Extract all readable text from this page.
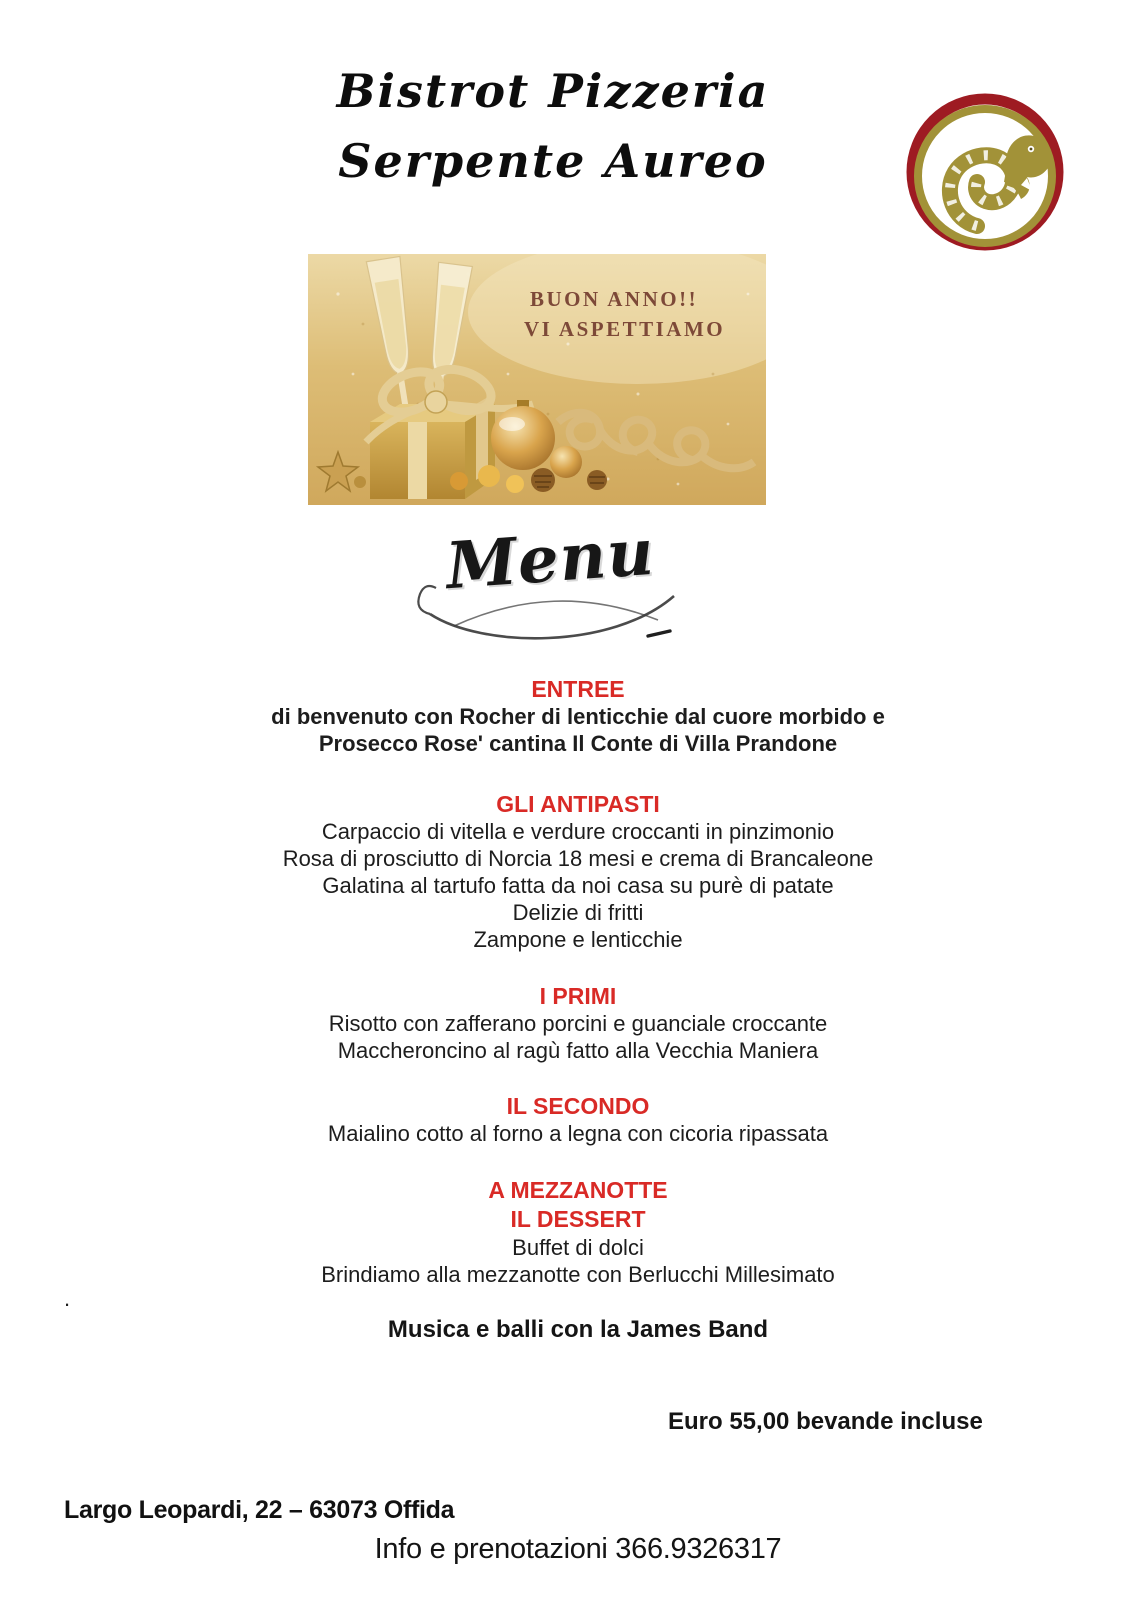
Bistrot Pizzeria
Serpente Aureo
BUON ANNO!!
VI ASPETTIAMO
Menu
ENTREE
di benvenuto con Rocher di lenticchie dal cuore morbido e
Prosecco Rose' cantina Il Conte di Villa Prandone
GLI ANTIPASTI
Carpaccio di vitella e verdure croccanti in pinzimonio
Rosa di prosciutto di Norcia 18 mesi e crema di Brancaleone
Galatina al tartufo fatta da noi casa su purè di patate
Delizie di fritti
Zampone e lenticchie
I PRIMI
Risotto con zafferano porcini e guanciale croccante
Maccheroncino al ragù fatto alla Vecchia Maniera
IL SECONDO
Maialino cotto al forno a legna con cicoria ripassata
A MEZZANOTTE
IL DESSERT
Buffet di dolci
Brindiamo alla mezzanotte con Berlucchi Millesimato
.
Musica e balli con la James Band
Euro 55,00 bevande incluse
Largo Leopardi, 22 – 63073 Offida
Info e prenotazioni 366.9326317
